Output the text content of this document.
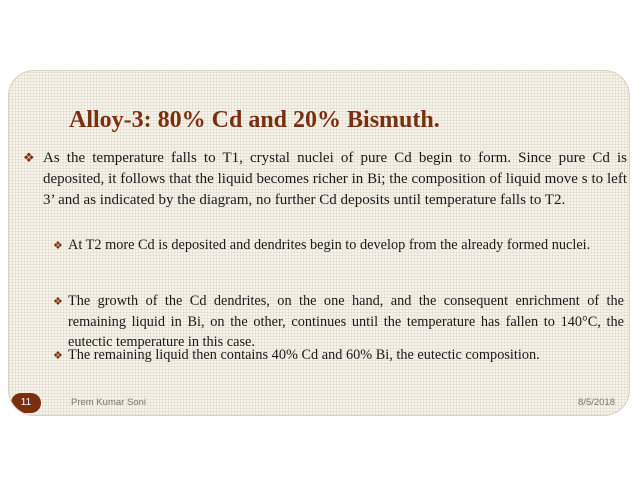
Alloy-3: 80% Cd and 20% Bismuth.
❖ As the temperature falls to T1, crystal nuclei of pure Cd begin to form. Since pure Cd is deposited, it follows that the liquid becomes richer in Bi; the composition of liquid move s to left 3’ and as indicated by the diagram, no further Cd deposits until temperature falls to T2.
❖ At T2 more Cd is deposited and dendrites begin to develop from the already formed nuclei.
❖ The growth of the Cd dendrites, on the one hand, and the consequent enrichment of the remaining liquid in Bi, on the other, continues until the temperature has fallen to 140°C, the eutectic temperature in this case.
❖ The remaining liquid then contains 40% Cd and 60% Bi, the eutectic composition.
11	Prem Kumar Soni	8/5/2018
